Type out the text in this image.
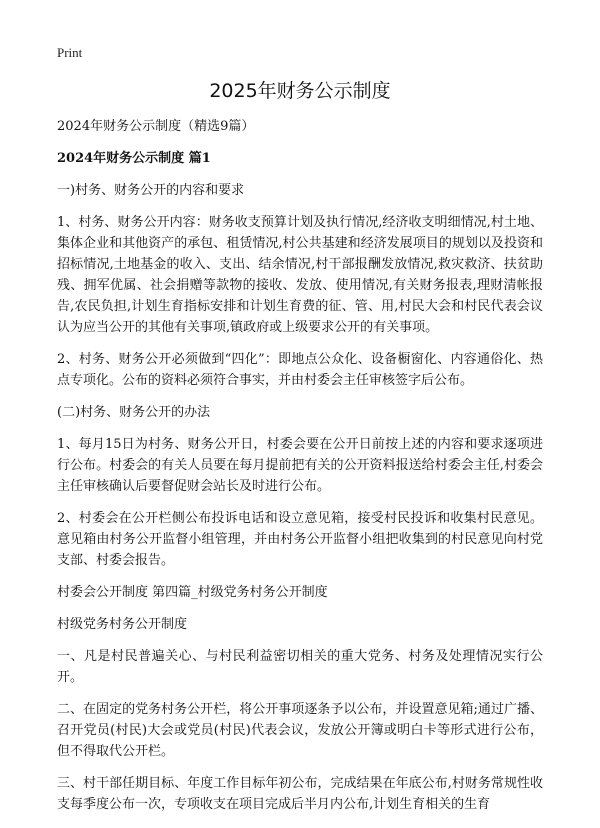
Print
2025年财务公示制度

2024年财务公示制度（精选9篇）

2024年财务公示制度 篇1

一)村务、财务公开的内容和要求

1、村务、财务公开内容：财务收支预算计划及执行情况,经济收支明细情况,村土地、集体企业和其他资产的承包、租赁情况,村公共基建和经济发展项目的规划以及投资和招标情况,土地基金的收入、支出、结余情况,村干部报酬发放情况,救灾救济、扶贫助残、拥军优属、社会捐赠等款物的接收、发放、使用情况,有关财务报表,理财清帐报告,农民负担,计划生育指标安排和计划生育费的征、管、用,村民大会和村民代表会议认为应当公开的其他有关事项,镇政府或上级要求公开的有关事项。

2、村务、财务公开必须做到“四化”：即地点公众化、设备橱窗化、内容通俗化、热点专项化。公布的资料必须符合事实，并由村委会主任审核签字后公布。

(二)村务、财务公开的办法

1、每月15日为村务、财务公开日，村委会要在公开日前按上述的内容和要求逐项进行公布。村委会的有关人员要在每月提前把有关的公开资料报送给村委会主任,村委会主任审核确认后要督促财会站长及时进行公布。

2、村委会在公开栏侧公布投诉电话和设立意见箱，接受村民投诉和收集村民意见。意见箱由村务公开监督小组管理，并由村务公开监督小组把收集到的村民意见向村党支部、村委会报告。

村委会公开制度 第四篇_村级党务村务公开制度

村级党务村务公开制度

一、凡是村民普遍关心、与村民利益密切相关的重大党务、村务及处理情况实行公开。

二、在固定的党务村务公开栏，将公开事项逐条予以公布，并设置意见箱;通过广播、召开党员(村民)大会或党员(村民)代表会议，发放公开簿或明白卡等形式进行公布，但不得取代公开栏。

三、村干部任期目标、年度工作目标年初公布，完成结果在年底公布,村财务常规性收支每季度公布一次，专项收支在项目完成后半月内公布,计划生育相关的生育
